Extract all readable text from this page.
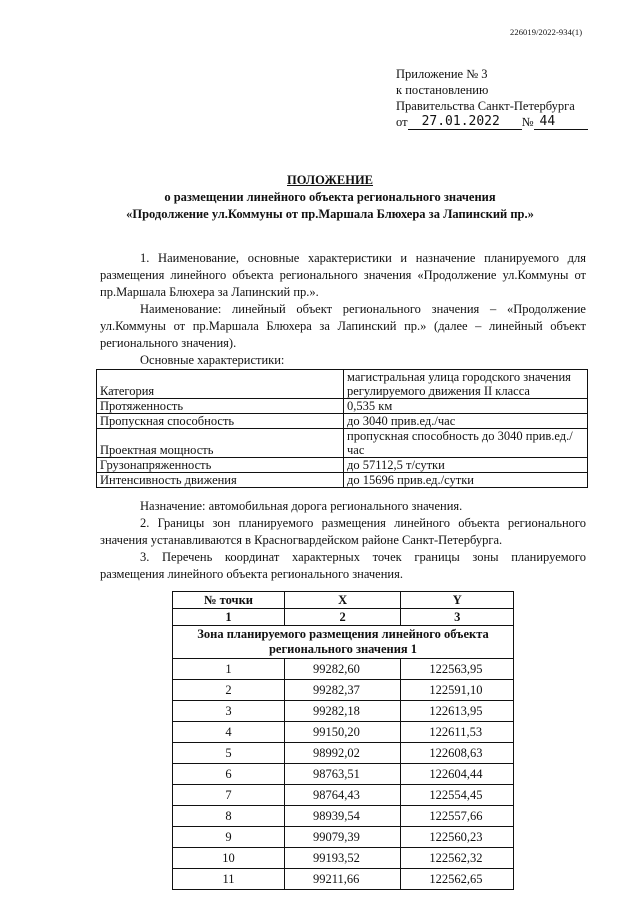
226019/2022-934(1)
Приложение № 3
к постановлению
Правительства Санкт-Петербурга
от	27.01.2022	№ 44
ПОЛОЖЕНИЕ
о размещении линейного объекта регионального значения
«Продолжение ул.Коммуны от пр.Маршала Блюхера за Лапинский пр.»

1. Наименование, основные характеристики и назначение планируемого для размещения линейного объекта регионального значения «Продолжение ул.Коммуны от пр.Маршала Блюхера за Лапинский пр.».

Наименование: линейный объект регионального значения – «Продолжение ул.Коммуны от пр.Маршала Блюхера за Лапинский пр.» (далее – линейный объект регионального значения).

Основные характеристики:

Категория	магистральная улица городского значения регулируемого движения II класса
Протяженность	0,535 км
Пропускная способность	до 3040 прив.ед./час
Проектная мощность	пропускная способность до 3040 прив.ед./час
Грузонапряженность	до 57112,5 т/сутки
Интенсивность движения	до 15696 прив.ед./сутки

Назначение: автомобильная дорога регионального значения.

2. Границы зон планируемого размещения линейного объекта регионального значения устанавливаются в Красногвардейском районе Санкт-Петербурга.

3. Перечень координат характерных точек границы зоны планируемого размещения линейного объекта регионального значения.

№ точки	X	Y
1	2	3
Зона планируемого размещения линейного объекта регионального значения 1		
1	99282,60	122563,95
2	99282,37	122591,10
3	99282,18	122613,95
4	99150,20	122611,53
5	98992,02	122608,63
6	98763,51	122604,44
7	98764,43	122554,45
8	98939,54	122557,66
9	99079,39	122560,23
10	99193,52	122562,32
11	99211,66	122562,65
